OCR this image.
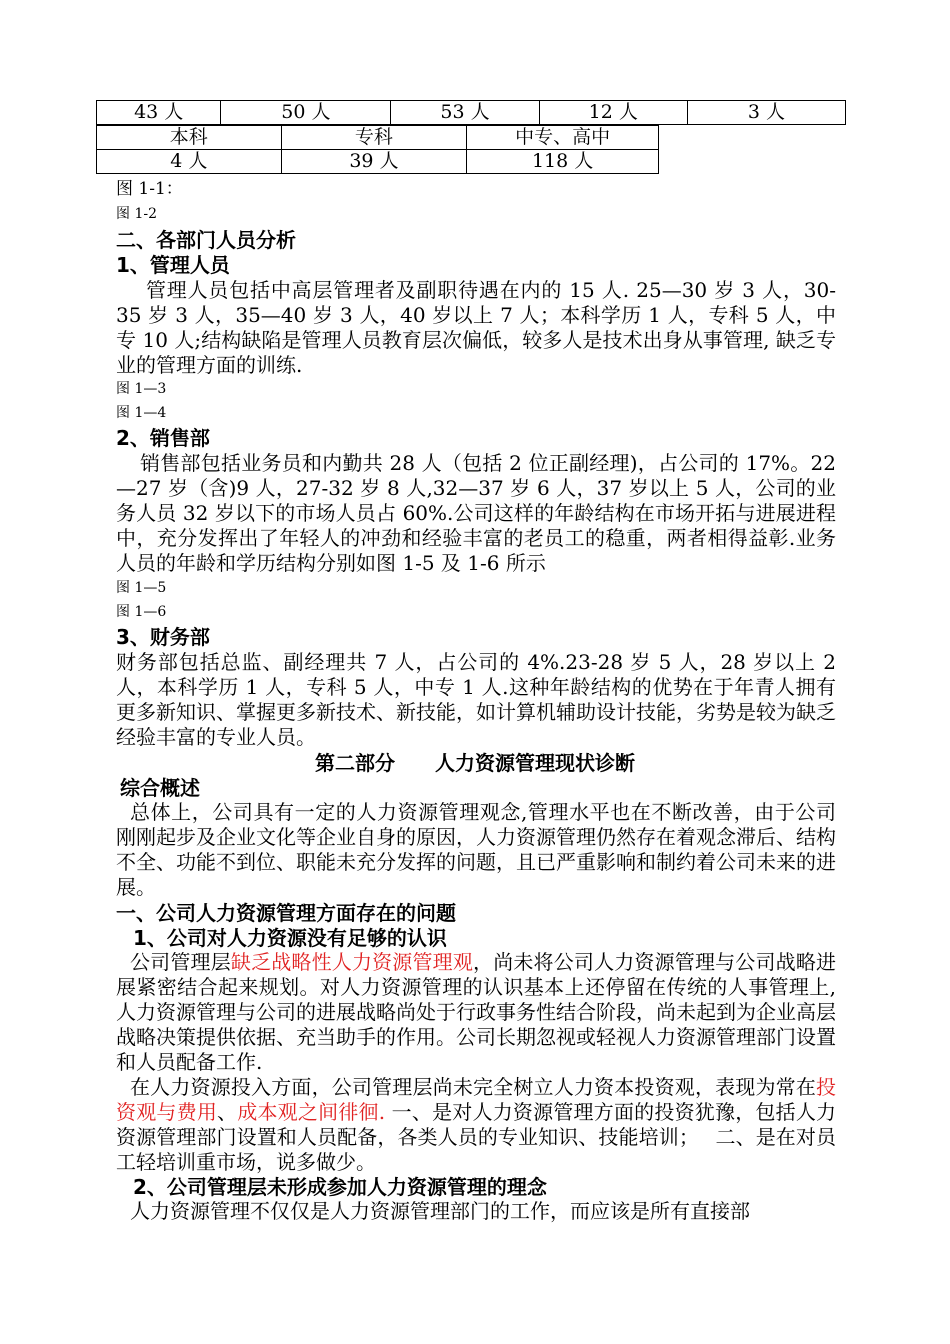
43 人	50 人	53 人	12 人	3 人
本科	专科	中专、高中
4 人	39 人	118 人
图 1-1：
图 1-2
二、各部门人员分析
1、管理人员
管理人员包括中高层管理者及副职待遇在内的 15 人. 25—30 岁 3 人，30-35 岁 3 人，35—40 岁 3 人，40 岁以上 7 人；本科学历 1 人，专科 5 人，中专 10 人;结构缺陷是管理人员教育层次偏低，较多人是技术出身从事管理, 缺乏专业的管理方面的训练.
图 1—3
图 1—4
2、销售部
销售部包括业务员和内勤共 28 人（包括 2 位正副经理)，占公司的 17%。22—27 岁（含)9 人，27-32 岁 8 人,32—37 岁 6 人，37 岁以上 5 人，公司的业务人员 32 岁以下的市场人员占 60%.公司这样的年龄结构在市场开拓与进展进程中，充分发挥出了年轻人的冲劲和经验丰富的老员工的稳重，两者相得益彰.业务人员的年龄和学历结构分别如图 1-5 及 1-6 所示
图 1—5
图 1—6
3、财务部
财务部包括总监、副经理共 7 人，占公司的 4%.23-28 岁 5 人，28 岁以上 2 人，本科学历 1 人，专科 5 人，中专 1 人.这种年龄结构的优势在于年青人拥有更多新知识、掌握更多新技术、新技能，如计算机辅助设计技能，劣势是较为缺乏经验丰富的专业人员。
第二部分　　人力资源管理现状诊断
综合概述
总体上，公司具有一定的人力资源管理观念,管理水平也在不断改善，由于公司刚刚起步及企业文化等企业自身的原因，人力资源管理仍然存在着观念滞后、结构不全、功能不到位、职能未充分发挥的问题，且已严重影响和制约着公司未来的进展。
一、公司人力资源管理方面存在的问题
1、公司对人力资源没有足够的认识
公司管理层缺乏战略性人力资源管理观，尚未将公司人力资源管理与公司战略进展紧密结合起来规划。对人力资源管理的认识基本上还停留在传统的人事管理上,人力资源管理与公司的进展战略尚处于行政事务性结合阶段，尚未起到为企业高层战略决策提供依据、充当助手的作用。公司长期忽视或轻视人力资源管理部门设置和人员配备工作.
在人力资源投入方面，公司管理层尚未完全树立人力资本投资观，表现为常在投资观与费用、成本观之间徘徊. 一、是对人力资源管理方面的投资犹豫，包括人力资源管理部门设置和人员配备，各类人员的专业知识、技能培训；　 二、是在对员工轻培训重市场，说多做少。
2、公司管理层未形成参加人力资源管理的理念
人力资源管理不仅仅是人力资源管理部门的工作，而应该是所有直接部
